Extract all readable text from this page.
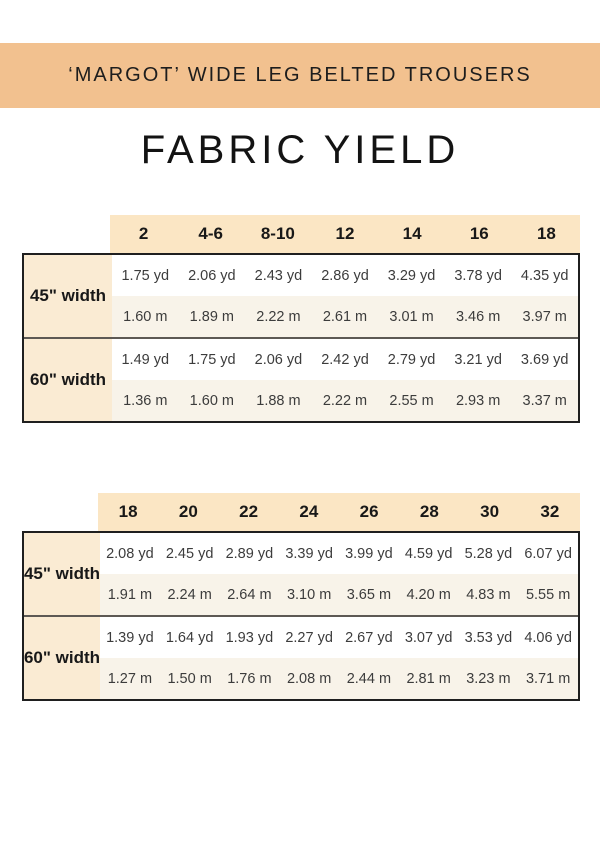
‘MARGOT’ WIDE LEG BELTED TROUSERS
FABRIC YIELD
2	4-6	8-10	12	14	16	18
45" width
1.75 yd	2.06 yd	2.43 yd	2.86 yd	3.29 yd	3.78 yd	4.35 yd
1.60 m	1.89 m	2.22 m	2.61 m	3.01 m	3.46 m	3.97 m
60" width
1.49 yd	1.75 yd	2.06 yd	2.42 yd	2.79 yd	3.21 yd	3.69 yd
1.36 m	1.60 m	1.88 m	2.22 m	2.55 m	2.93 m	3.37 m
18	20	22	24	26	28	30	32
45" width
2.08 yd 2.45 yd 2.89 yd 3.39 yd 3.99 yd 4.59 yd 5.28 yd 6.07 yd
1.91 m	2.24 m	2.64 m	3.10 m	3.65 m	4.20 m	4.83 m	5.55 m
60" width
1.39 yd 1.64 yd 1.93 yd 2.27 yd 2.67 yd 3.07 yd 3.53 yd 4.06 yd
1.27 m	1.50 m	1.76 m	2.08 m	2.44 m	2.81 m	3.23 m	3.71 m
